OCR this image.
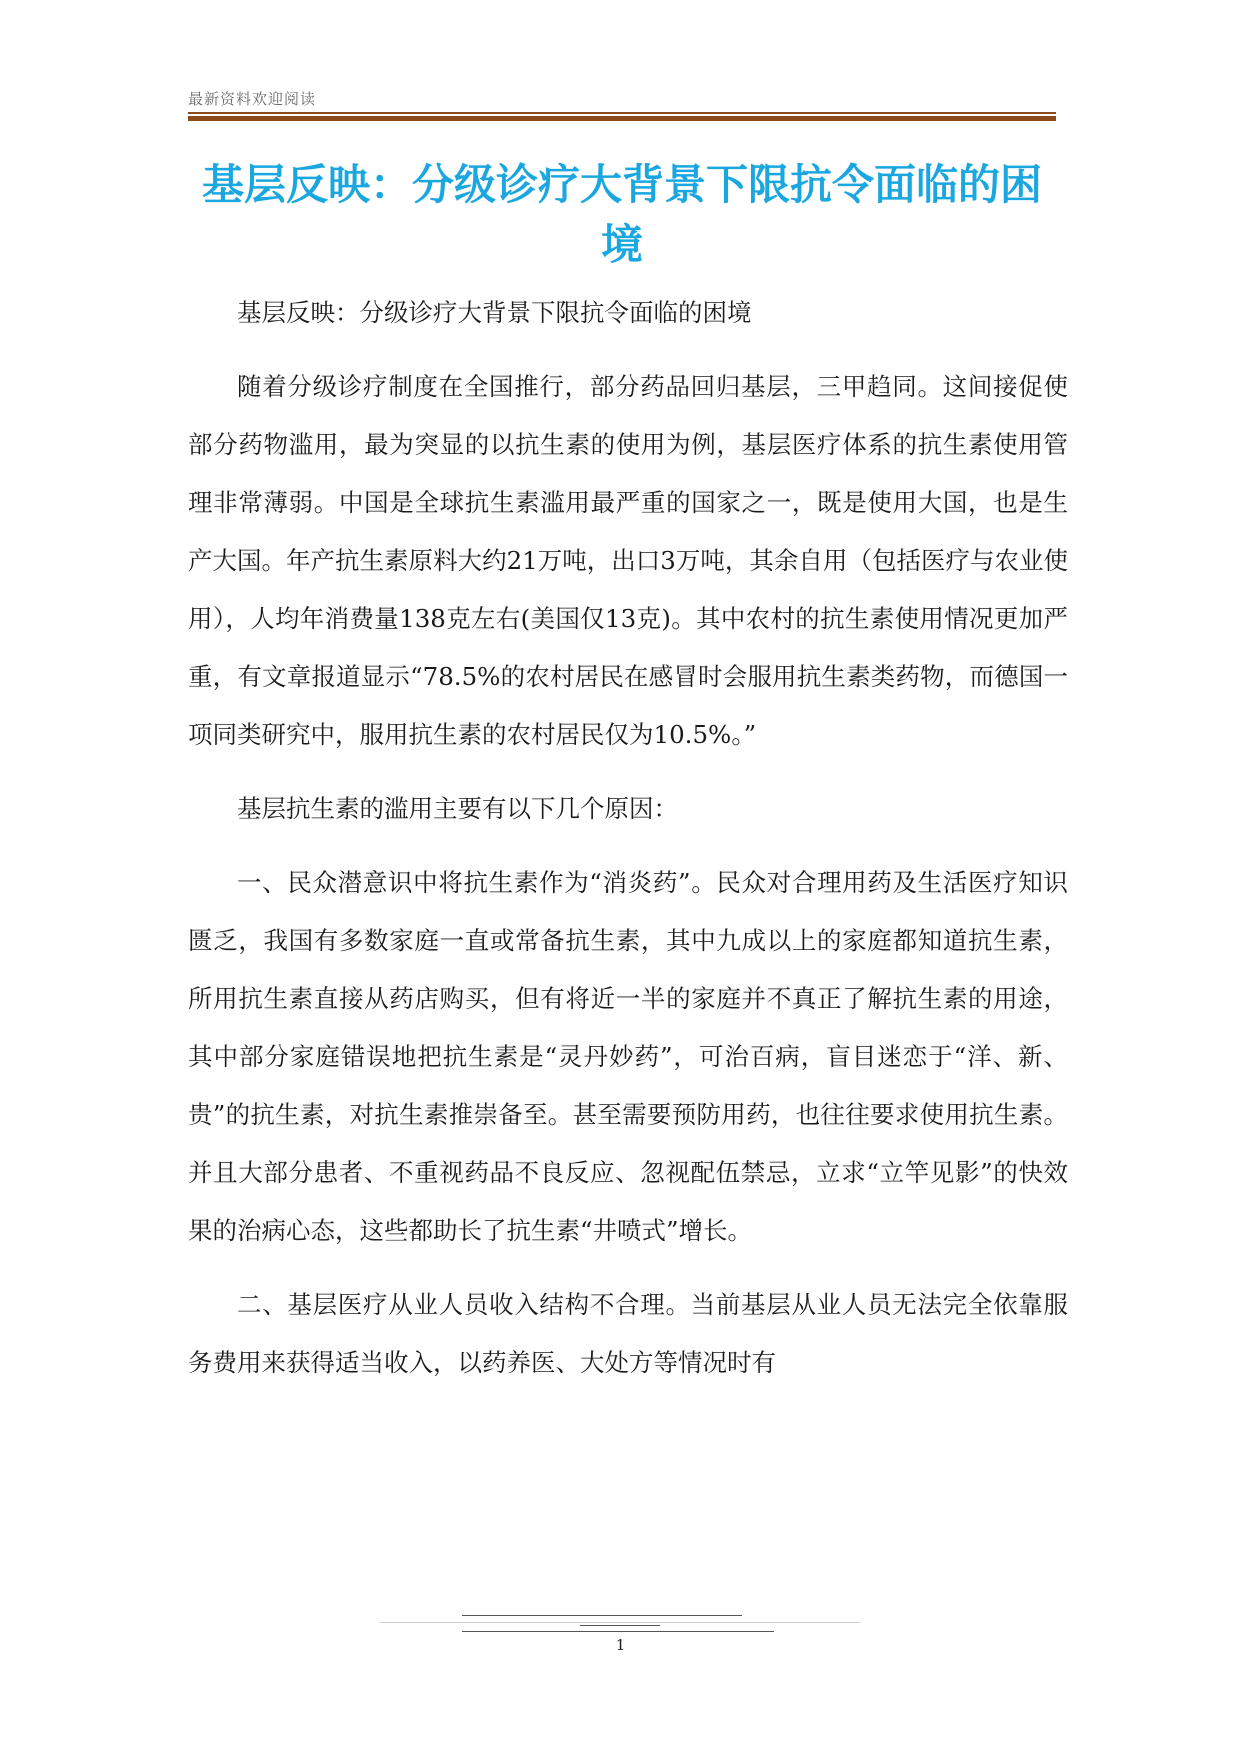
最新资料欢迎阅读
基层反映：分级诊疗大背景下限抗令面临的困境

基层反映：分级诊疗大背景下限抗令面临的困境

随着分级诊疗制度在全国推行，部分药品回归基层，三甲趋同。这间接促使部分药物滥用，最为突显的以抗生素的使用为例，基层医疗体系的抗生素使用管理非常薄弱。中国是全球抗生素滥用最严重的国家之一，既是使用大国，也是生产大国。年产抗生素原料大约21万吨，出口3万吨，其余自用（包括医疗与农业使用），人均年消费量138克左右(美国仅13克)。其中农村的抗生素使用情况更加严重，有文章报道显示“78.5%的农村居民在感冒时会服用抗生素类药物，而德国一项同类研究中，服用抗生素的农村居民仅为10.5%。”

基层抗生素的滥用主要有以下几个原因：

一、民众潜意识中将抗生素作为“消炎药”。民众对合理用药及生活医疗知识匮乏，我国有多数家庭一直或常备抗生素，其中九成以上的家庭都知道抗生素，所用抗生素直接从药店购买，但有将近一半的家庭并不真正了解抗生素的用途，其中部分家庭错误地把抗生素是“灵丹妙药”，可治百病，盲目迷恋于“洋、新、贵”的抗生素，对抗生素推崇备至。甚至需要预防用药，也往往要求使用抗生素。并且大部分患者、不重视药品不良反应、忽视配伍禁忌，立求“立竿见影”的快效果的治病心态，这些都助长了抗生素“井喷式”增长。

二、基层医疗从业人员收入结构不合理。当前基层从业人员无法完全依靠服务费用来获得适当收入，以药养医、大处方等情况时有

1
